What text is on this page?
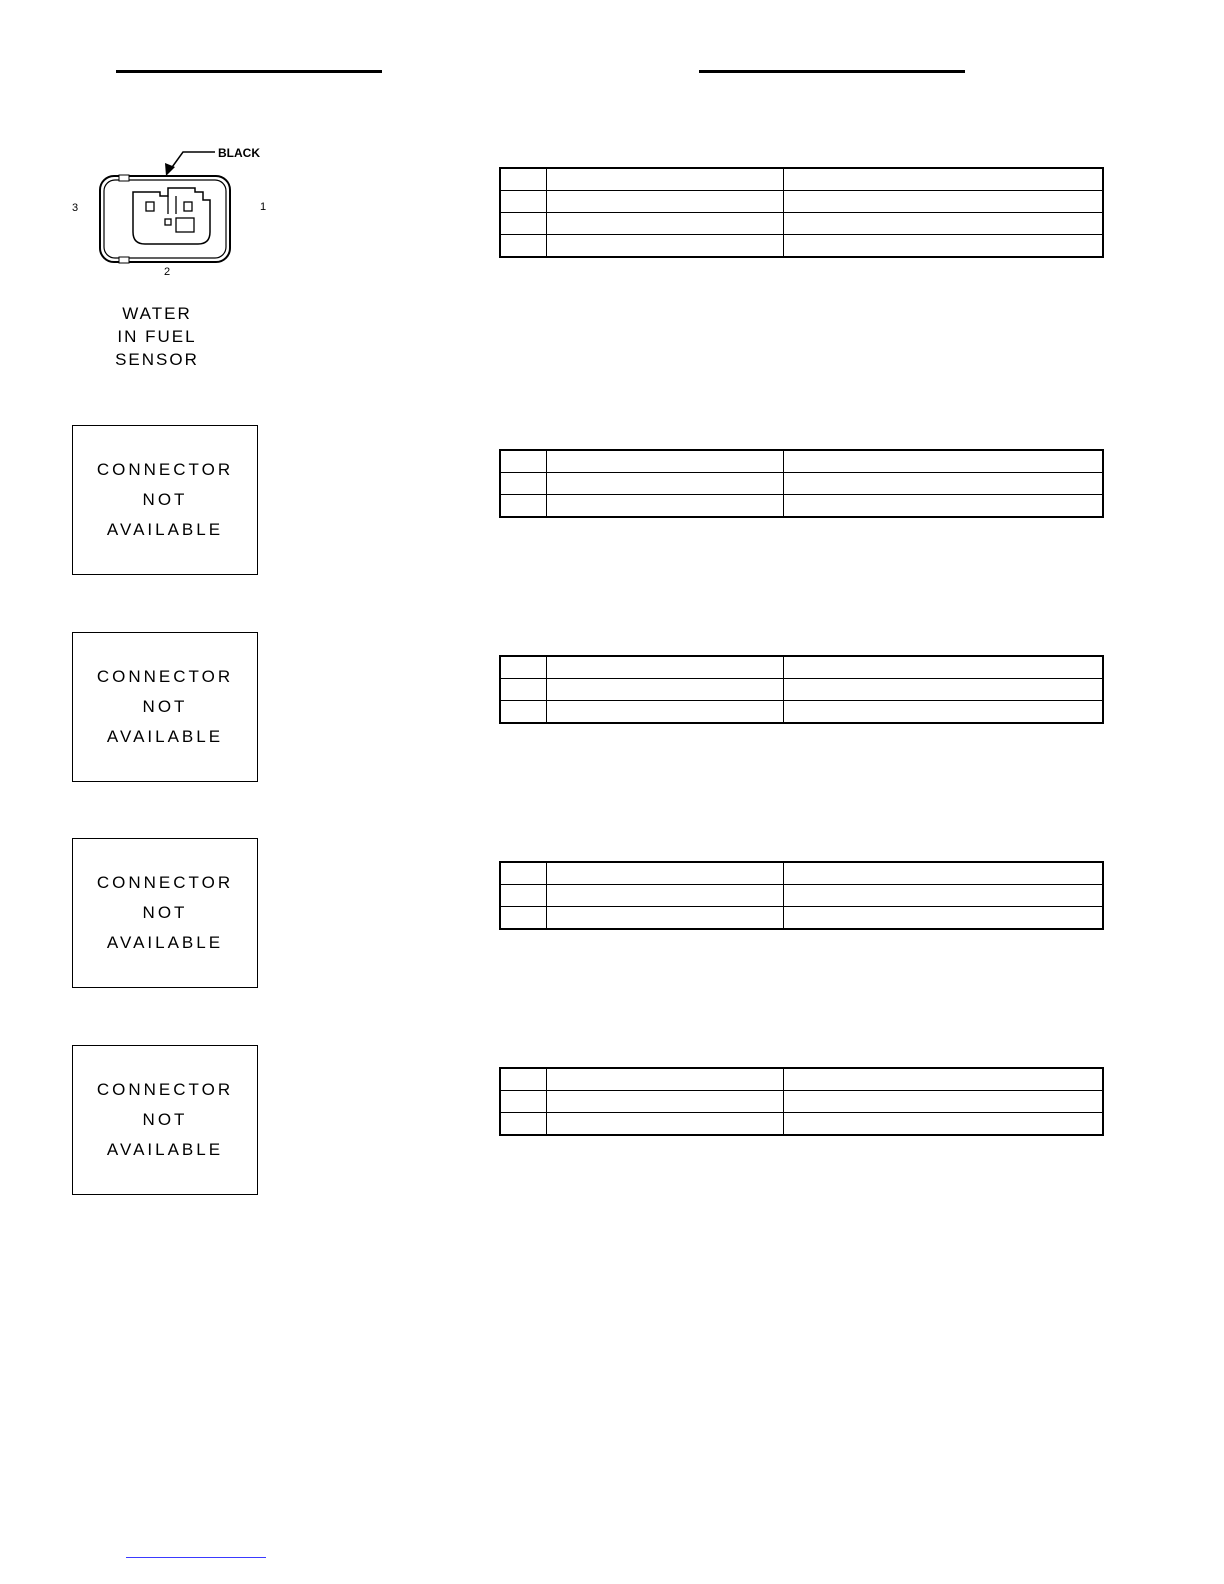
BLACK
3	1
2
WATER
IN FUEL
SENSOR
CONNECTOR
NOT
AVAILABLE
CONNECTOR
NOT
AVAILABLE
CONNECTOR
NOT
AVAILABLE
CONNECTOR
NOT
AVAILABLE
